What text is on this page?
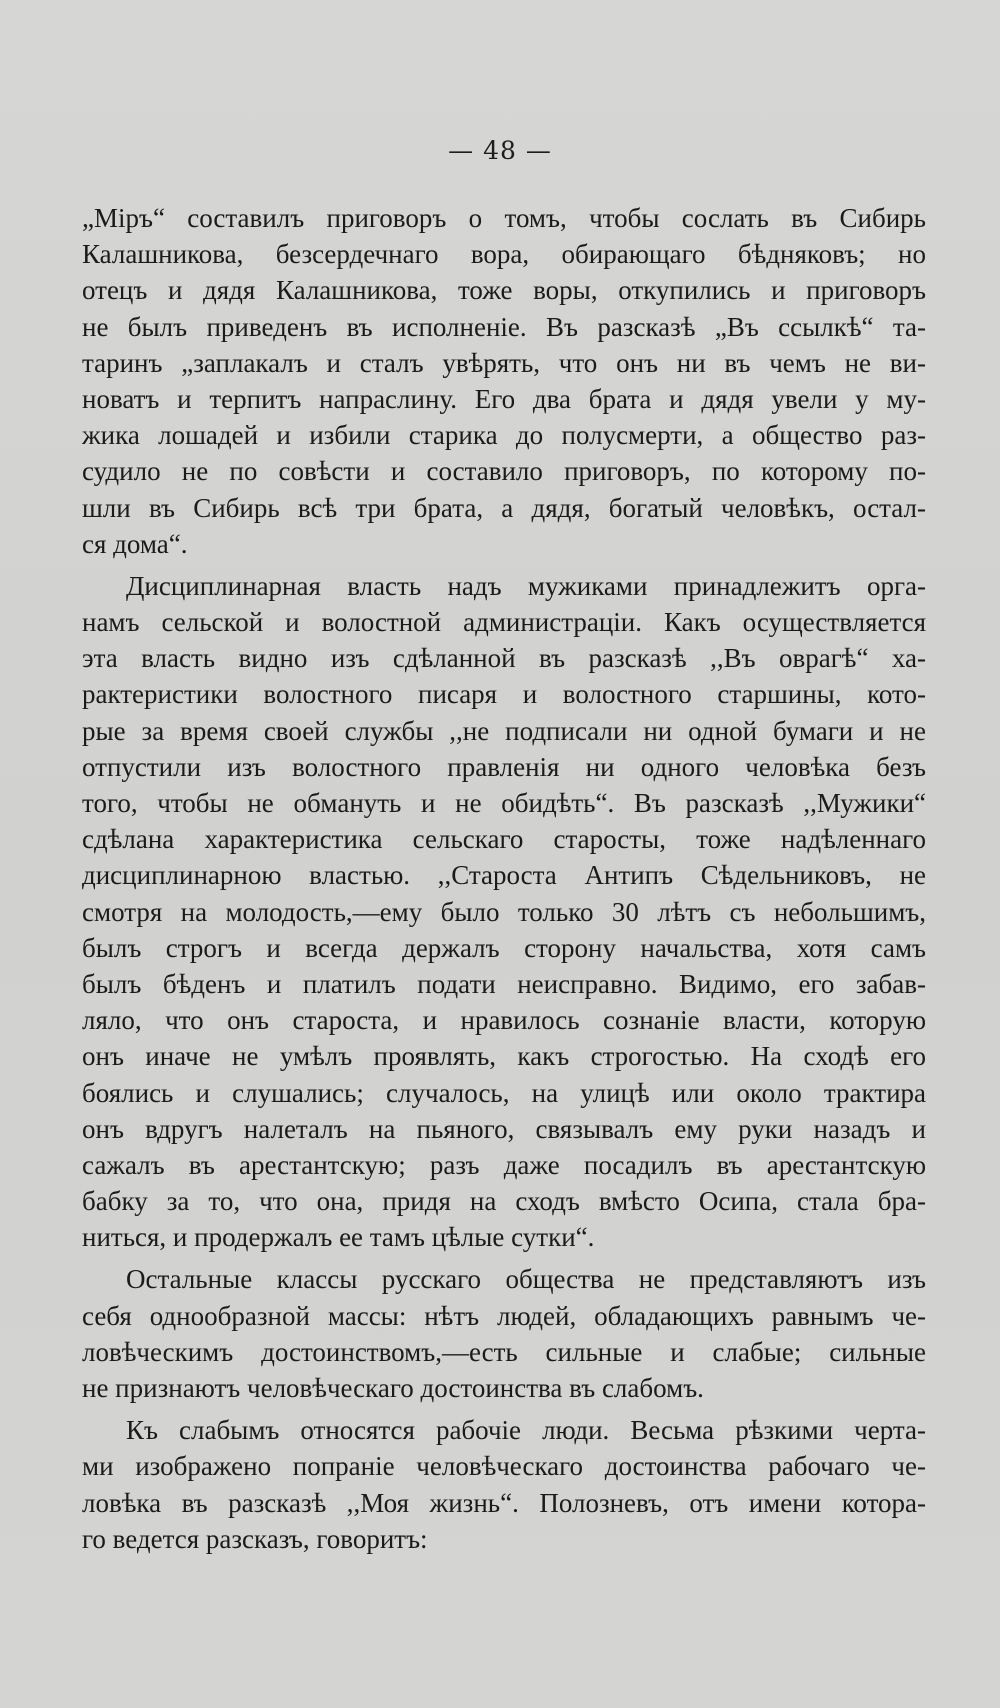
— 48 —
„Міръ“ составилъ приговоръ о томъ, чтобы сослать въ Сибирь
Калашникова, безсердечнаго вора, обирающаго бѣдняковъ; но
отецъ и дядя Калашникова, тоже воры, откупились и приговоръ
не былъ приведенъ въ исполненіе. Въ разсказѣ „Въ ссылкѣ“ та-
таринъ „заплакалъ и сталъ увѣрять, что онъ ни въ чемъ не ви-
новатъ и терпитъ напраслину. Его два брата и дядя увели у му-
жика лошадей и избили старика до полусмерти, а общество раз-
судило не по совѣсти и составило приговоръ, по которому по-
шли въ Сибирь всѣ три брата, а дядя, богатый человѣкъ, остал-
ся дома“.
Дисциплинарная власть надъ мужиками принадлежитъ орга-
намъ сельской и волостной администраціи. Какъ осуществляется
эта власть видно изъ сдѣланной въ разсказѣ ,,Въ оврагѣ“ ха-
рактеристики волостного писаря и волостного старшины, кото-
рые за время своей службы ,,не подписали ни одной бумаги и не
отпустили изъ волостного правленія ни одного человѣка безъ
того, чтобы не обмануть и не обидѣть“. Въ разсказѣ ,,Мужики“
сдѣлана характеристика сельскаго старосты, тоже надѣленнаго
дисциплинарною властью. ,,Староста Антипъ Сѣдельниковъ, не
смотря на молодость,—ему было только 30 лѣтъ съ небольшимъ,
былъ строгъ и всегда держалъ сторону начальства, хотя самъ
былъ бѣденъ и платилъ подати неисправно. Видимо, его забав-
ляло, что онъ староста, и нравилось сознаніе власти, которую
онъ иначе не умѣлъ проявлять, какъ строгостью. На сходѣ его
боялись и слушались; случалось, на улицѣ или около трактира
онъ вдругъ налеталъ на пьяного, связывалъ ему руки назадъ и
сажалъ въ арестантскую; разъ даже посадилъ въ арестантскую
бабку за то, что она, придя на сходъ вмѣсто Осипа, стала бра-
ниться, и продержалъ ее тамъ цѣлые сутки“.
Остальные классы русскаго общества не представляютъ изъ
себя однообразной массы: нѣтъ людей, обладающихъ равнымъ че-
ловѣческимъ достоинствомъ,—есть сильные и слабые; сильные
не признаютъ человѣческаго достоинства въ слабомъ.
Къ слабымъ относятся рабочіе люди. Весьма рѣзкими черта-
ми изображено попраніе человѣческаго достоинства рабочаго че-
ловѣка въ разсказѣ ,,Моя жизнь“. Полозневъ, отъ имени котора-
го ведется разсказъ, говоритъ:
